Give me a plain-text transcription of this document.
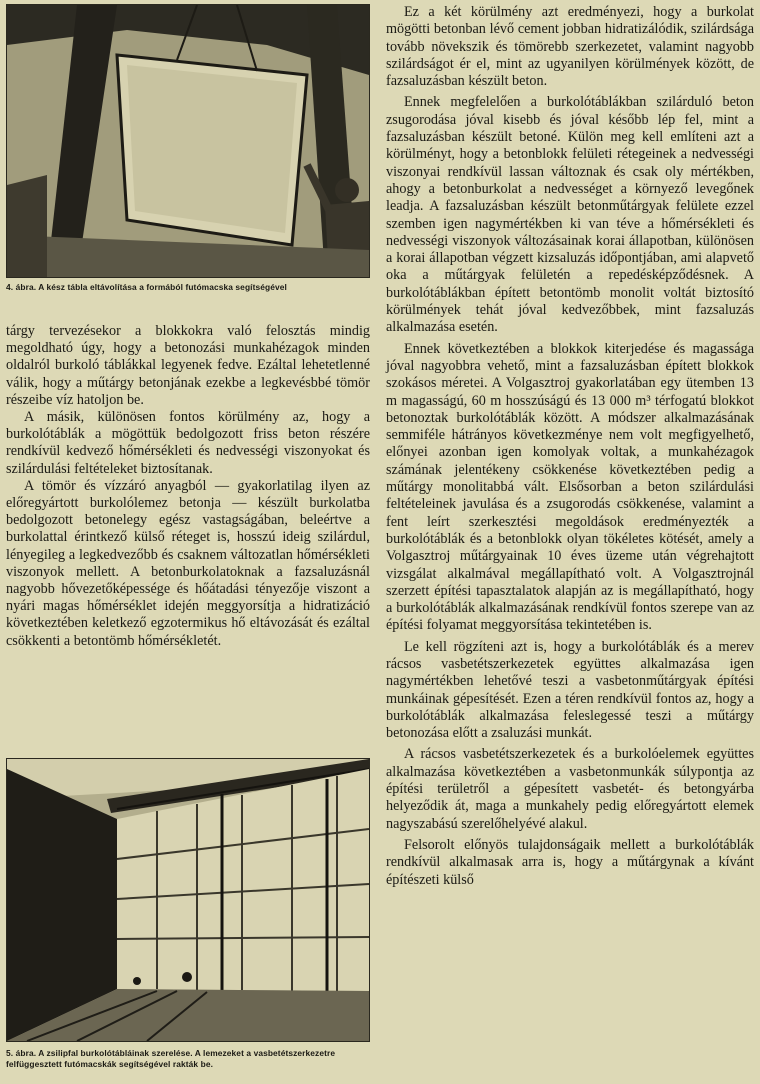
4. ábra. A kész tábla eltávolítása a formából futómacska segítségével

tárgy tervezésekor a blokkokra való felosztás mindig megoldható úgy, hogy a betonozási munkahézagok minden oldalról burkoló táblákkal legyenek fedve. Ezáltal lehetetlenné válik, hogy a műtárgy betonjának ezekbe a legkevésbbé tömör részeibe víz hatoljon be.

A másik, különösen fontos körülmény az, hogy a burkolótáblák a mögöttük bedolgozott friss beton részére rendkívül kedvező hőmérsékleti és nedvességi viszonyokat és szilárdulási feltételeket biztosítanak.

A tömör és vízzáró anyagból — gyakorlatilag ilyen az előregyártott burkolólemez betonja — készült burkolatba bedolgozott betonelegy egész vastagságában, beleértve a burkolattal érintkező külső réteget is, hosszú ideig szilárdul, lényegileg a legkedvezőbb és csaknem változatlan hőmérsékleti viszonyok mellett. A betonburkolatoknak a fazsaluzásnál nagyobb hővezetőképessége és hőátadási tényezője viszont a nyári magas hőmérséklet idején meggyorsítja a hidratizáció következtében keletkező egzotermikus hő eltávozását és ezáltal csökkenti a betontömb hőmérsékletét.

5. ábra. A zsilipfal burkolótábláinak szerelése. A lemezeket a vasbetétszerkezetre felfüggesztett futómacskák segítségével rakták be.

Ez a két körülmény azt eredményezi, hogy a burkolat mögötti betonban lévő cement jobban hidratizálódik, szilárdsága tovább növekszik és tömörebb szerkezetet, valamint nagyobb szilárdságot ér el, mint az ugyanilyen körülmények között, de fazsaluzásban készült beton.

Ennek megfelelően a burkolótáblákban szilárduló beton zsugorodása jóval kisebb és jóval később lép fel, mint a fazsaluzásban készült betoné. Külön meg kell említeni azt a körülményt, hogy a betonblokk felületi rétegeinek a nedvességi viszonyai rendkívül lassan változnak és csak oly mértékben, ahogy a betonburkolat a nedvességet a környező levegőnek leadja. A fazsaluzásban készült betonműtárgyak felülete ezzel szemben igen nagymértékben ki van téve a hőmérsékleti és nedvességi viszonyok változásainak korai állapotban, különösen a korai állapotban végzett kizsaluzás időpontjában, ami alapvető oka a műtárgyak felületén a repedésképződésnek. A burkolótáblákban épített betontömb monolit voltát biztosító körülmények tehát jóval kedvezőbbek, mint fazsaluzás alkalmazása esetén.

Ennek következtében a blokkok kiterjedése és magassága jóval nagyobbra vehető, mint a fazsaluzásban épített blokkok szokásos méretei. A Volgasztroj gyakorlatában egy ütemben 13 m magasságú, 60 m hosszúságú és 13 000 m³ térfogatú blokkot betonoztak burkolótáblák között. A módszer alkalmazásának semmiféle hátrányos következménye nem volt megfigyelhető, előnyei azonban igen komolyak voltak, a munkahézagok számának jelentékeny csökkenése következtében pedig a műtárgy monolitabbá vált. Elsősorban a beton szilárdulási feltételeinek javulása és a zsugorodás csökkenése, valamint a fent leírt szerkesztési megoldások eredményezték a burkolótáblák és a betonblokk olyan tökéletes kötését, amely a Volgasztroj műtárgyainak 10 éves üzeme után végrehajtott vizsgálat alkalmával megállapítható volt. A Volgasztrojnál szerzett építési tapasztalatok alapján az is megállapítható, hogy a burkolótáblák alkalmazásának rendkívül fontos szerepe van az építési folyamat meggyorsítása tekintetében is.

Le kell rögzíteni azt is, hogy a burkolótáblák és a merev rácsos vasbetétszerkezetek együttes alkalmazása igen nagymértékben lehetővé teszi a vasbetonműtárgyak építési munkáinak gépesítését. Ezen a téren rendkívül fontos az, hogy a burkolótáblák alkalmazása feleslegessé teszi a műtárgy betonozása előtt a zsaluzási munkát.

A rácsos vasbetétszerkezetek és a burkolóelemek együttes alkalmazása következtében a vasbetonmunkák súlypontja az építési területről a gépesített vasbetét- és betongyárba helyeződik át, maga a munkahely pedig előregyártott elemek nagyszabású szerelőhelyévé alakul.

Felsorolt előnyös tulajdonságaik mellett a burkolótáblák rendkívül alkalmasak arra is, hogy a műtárgynak a kívánt építészeti külső
